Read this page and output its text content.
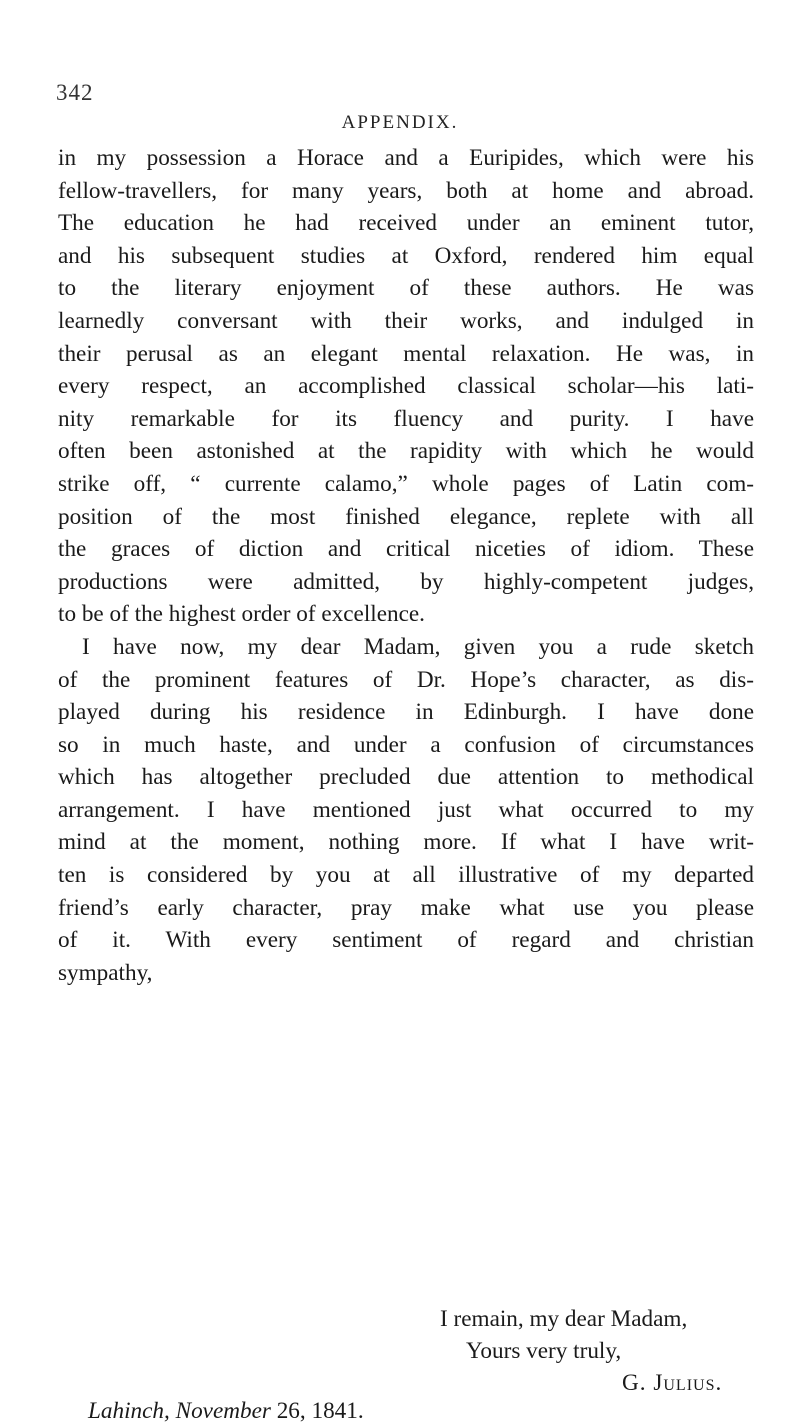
342
APPENDIX.
in my possession a Horace and a Euripides, which were his
fellow-travellers, for many years, both at home and abroad.
The education he had received under an eminent tutor,
and his subsequent studies at Oxford, rendered him equal
to the literary enjoyment of these authors. He was
learnedly conversant with their works, and indulged in
their perusal as an elegant mental relaxation. He was, in
every respect, an accomplished classical scholar—his lati-
nity remarkable for its fluency and purity. I have
often been astonished at the rapidity with which he would
strike off, “ currente calamo,” whole pages of Latin com-
position of the most finished elegance, replete with all
the graces of diction and critical niceties of idiom. These
productions were admitted, by highly-competent judges,
to be of the highest order of excellence.
I have now, my dear Madam, given you a rude sketch
of the prominent features of Dr. Hope’s character, as dis-
played during his residence in Edinburgh. I have done
so in much haste, and under a confusion of circumstances
which has altogether precluded due attention to methodical
arrangement. I have mentioned just what occurred to my
mind at the moment, nothing more. If what I have writ-
ten is considered by you at all illustrative of my departed
friend’s early character, pray make what use you please
of it. With every sentiment of regard and christian
sympathy,
I remain, my dear Madam,
Yours very truly,
G. Julius.
Lahinch, November 26, 1841.
